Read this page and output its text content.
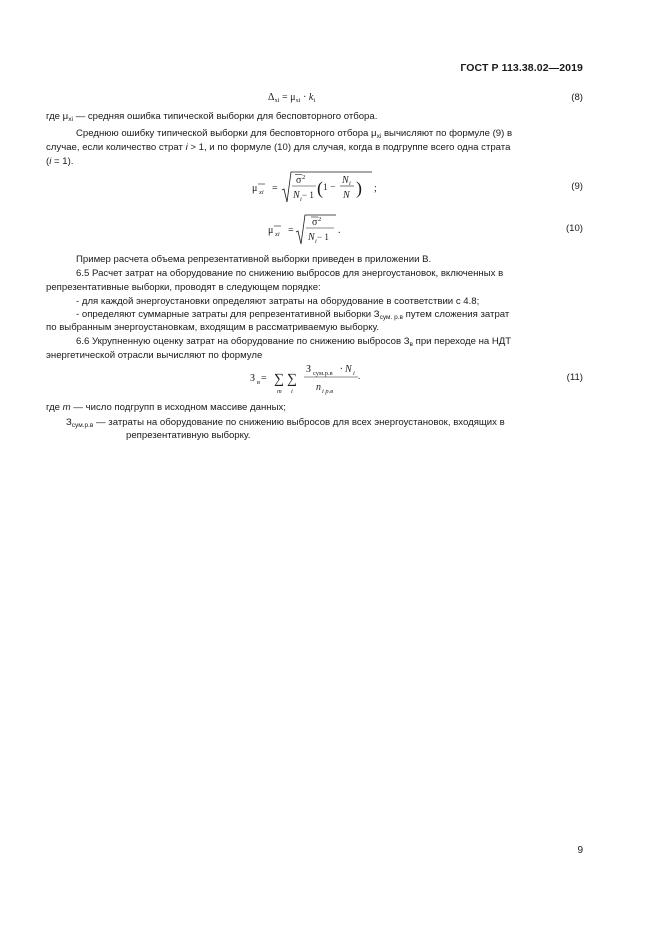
ГОСТ Р 113.38.02—2019
$\Delta_{xi} = \mu_{xi} \cdot k_i$	(8)
где $\mu_{xi}$ — средняя ошибка типической выборки для бесповторного отбора.
Среднюю ошибку типической выборки для бесповторного отбора $\mu_{xi}$ вычисляют по формуле (9) в
случае, если количество страт i > 1, и по формуле (10) для случая, когда в подгруппе всего одна страта
(i = 1).
μ xi =
σ 2
N i − 1 ( 1 −
N i
N ) ;	(9)
μ xi =
σ 2
N i − 1
.	(10)
Пример расчета объема репрезентативной выборки приведен в приложении В.
6.5 Расчет затрат на оборудование по снижению выбросов для энергоустановок, включенных в
репрезентативные выборки, проводят в следующем порядке:
- для каждой энергоустановки определяют затраты на оборудование в соответствии с 4.8;
- определяют суммарные затраты для репрезентативной выборки $З_{сум. р.в}$ путем сложения затрат
по выбранным энергоустановкам, входящим в рассматриваемую выборку.
6.6 Укрупненную оценку затрат на оборудование по снижению выбросов $З_в$ при переходе на НДТ
энергетической отрасли вычисляют по формуле
З в = ∑
m
∑
i
З сум.р.в · N i
n i р.в
.	(11)
где m — число подгрупп в исходном массиве данных;
$З_{сум.р.в}$ — затраты на оборудование по снижению выбросов для всех энергоустановок, входящих в
репрезентативную выборку.
9
